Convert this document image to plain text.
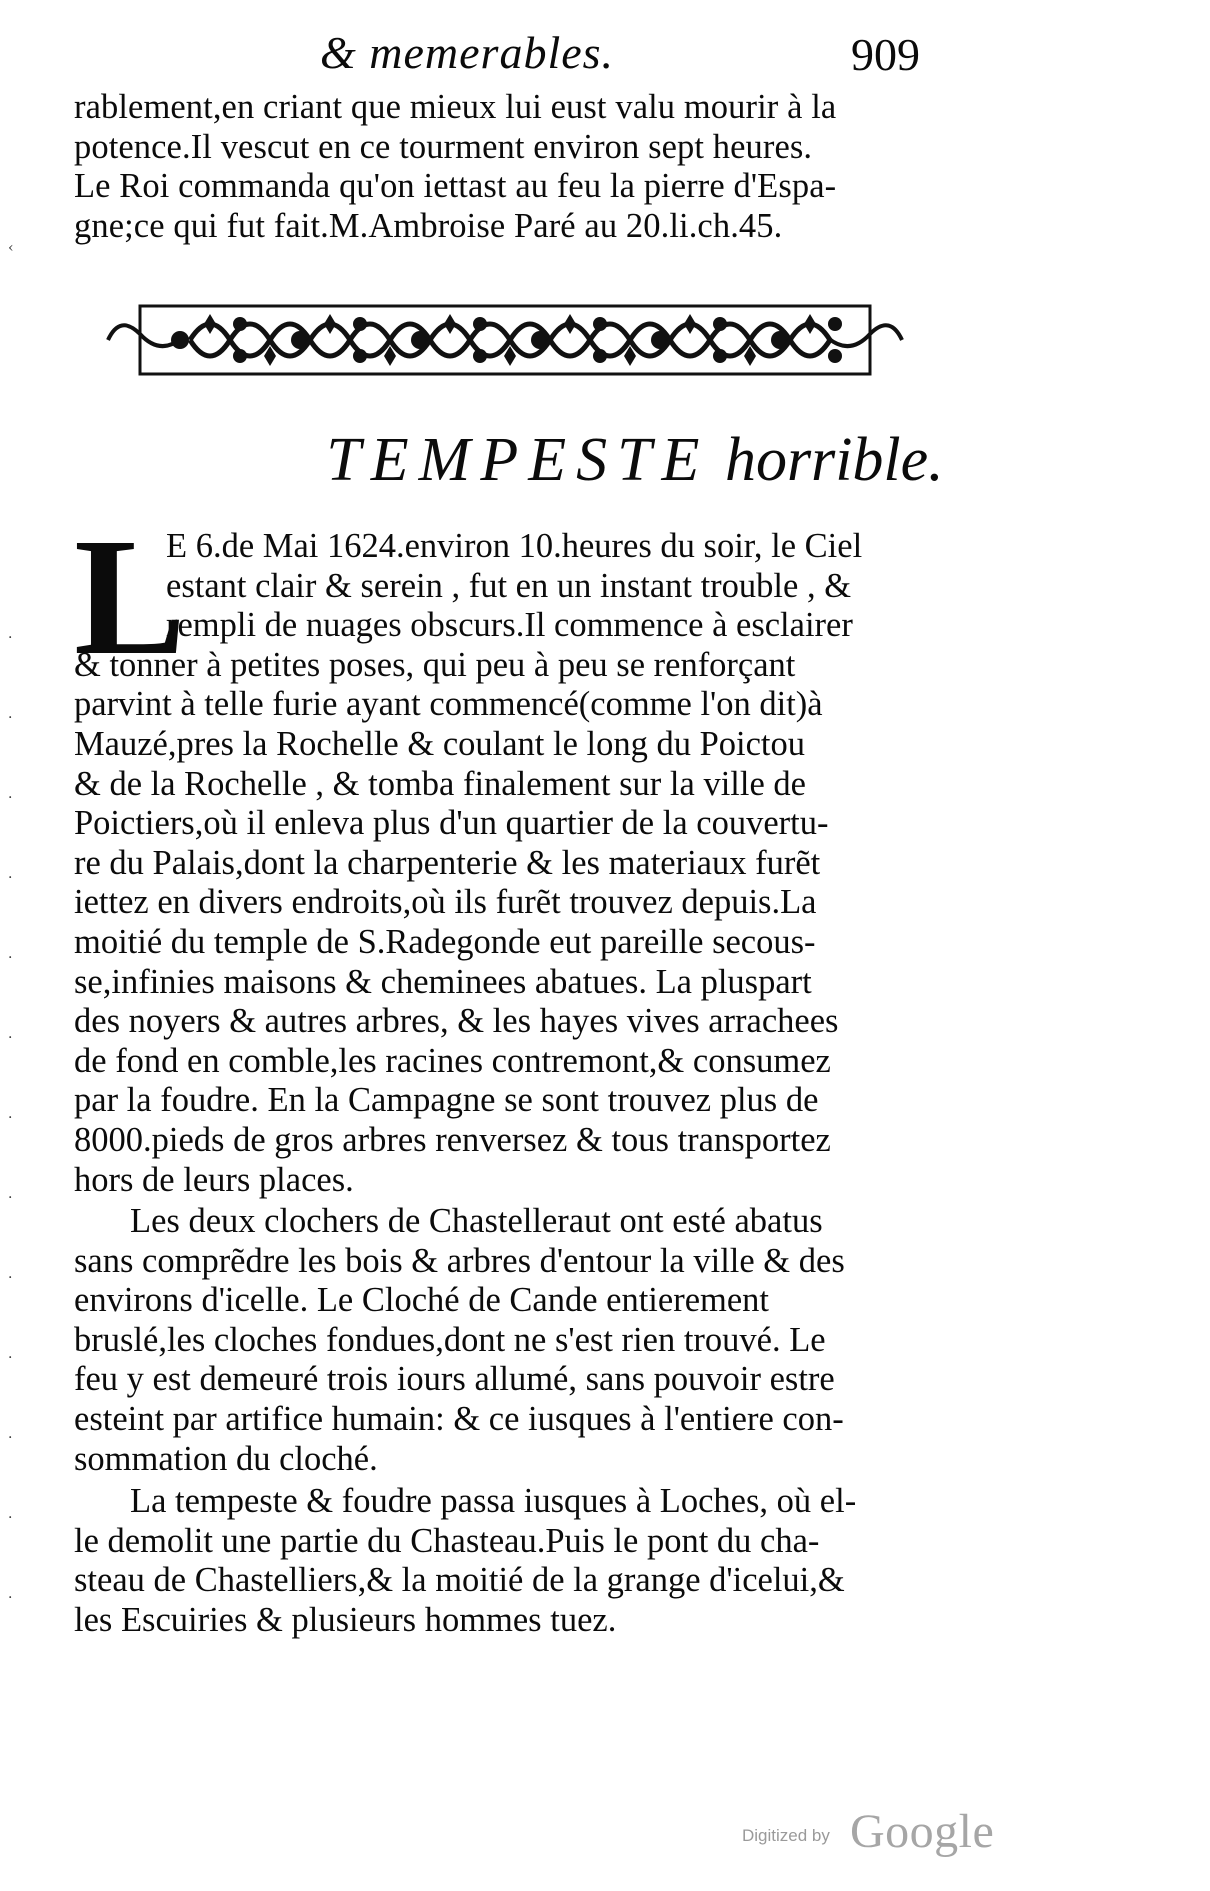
& memerables.	909
rablement,en criant que mieux lui eust valu mourir à la
potence.Il vescut en ce tourment environ sept heures.
Le Roi commanda qu'on iettast au feu la pierre d'Espa-
gne;ce qui fut fait.M.Ambroise Paré au 20.li.ch.45.
TEMPESTE horrible.
L
E 6.de Mai 1624.environ 10.heures du soir, le Ciel
estant clair & serein , fut en un instant trouble , &
rempli de nuages obscurs.Il commence à esclairer
& tonner à petites poses, qui peu à peu se renforçant
parvint à telle furie ayant commencé(comme l'on dit)à
Mauzé,pres la Rochelle & coulant le long du Poictou
& de la Rochelle , & tomba finalement sur la ville de
Poictiers,où il enleva plus d'un quartier de la couvertu-
re du Palais,dont la charpenterie & les materiaux furẽt
iettez en divers endroits,où ils furẽt trouvez depuis.La
moitié du temple de S.Radegonde eut pareille secous-
se,infinies maisons & cheminees abatues. La pluspart
des noyers & autres arbres, & les hayes vives arrachees
de fond en comble,les racines contremont,& consumez
par la foudre. En la Campagne se sont trouvez plus de
8000.pieds de gros arbres renversez & tous transportez
hors de leurs places.
Les deux clochers de Chastelleraut ont esté abatus
sans comprẽdre les bois & arbres d'entour la ville & des
environs d'icelle. Le Cloché de Cande entierement
bruslé,les cloches fondues,dont ne s'est rien trouvé. Le
feu y est demeuré trois iours allumé, sans pouvoir estre
esteint par artifice humain: & ce iusques à l'entiere con-
sommation du cloché.
La tempeste & foudre passa iusques à Loches, où el-
le demolit une partie du Chasteau.Puis le pont du cha-
steau de Chastelliers,& la moitié de la grange d'icelui,&
les Escuiries & plusieurs hommes tuez.
‹
·
·
·
·
·
·
·
·
·
·
·
·
·
Digitized by Google
